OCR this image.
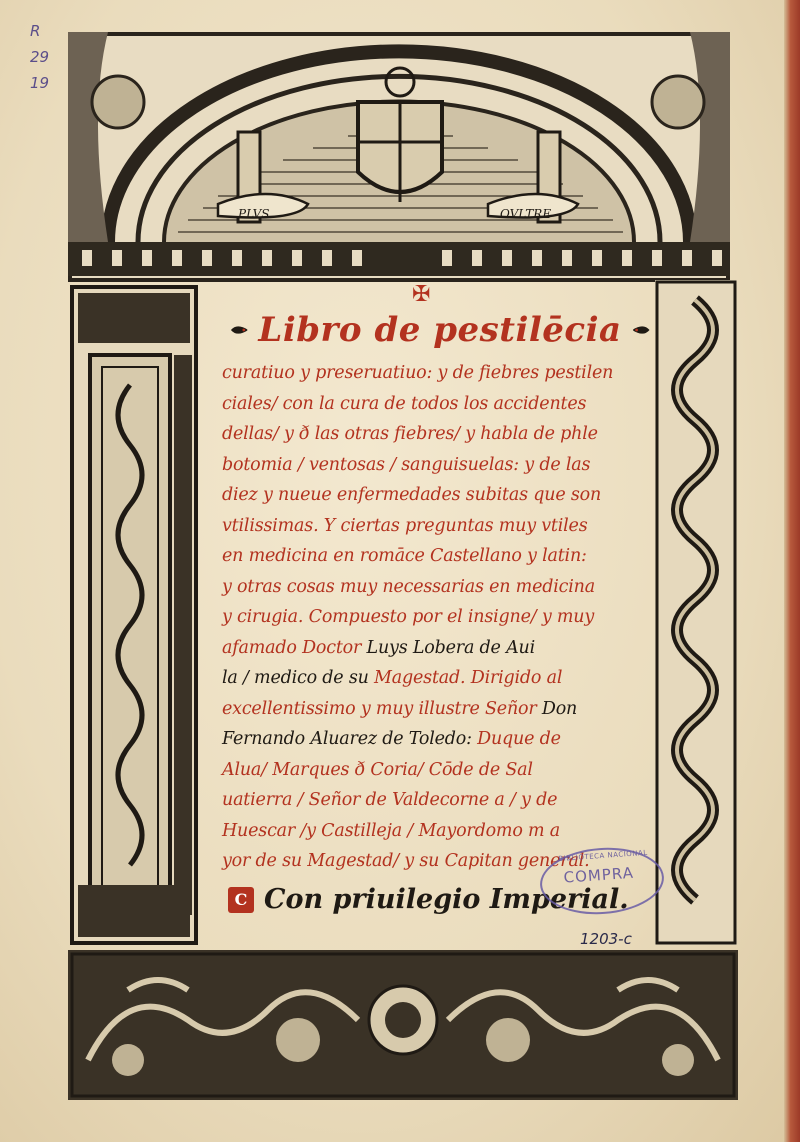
R
29
19
PLVS	OVLTRE
✠
Libro de pestilēcia
curatiuo y preseruatiuo: y de fiebres pestilen
ciales/ con la cura de todos los accidentes
dellas/ y ð las otras fiebres/ y habla de phle
botomia / ventosas / sanguisuelas: y de las
diez y nueue enfermedades subitas que son
vtilissimas. Y ciertas preguntas muy vtiles
en medicina en romāce Castellano y latin:
y otras cosas muy necessarias en medicina
y cirugia. Compuesto por el insigne/ y muy
afamado Doctor Luys Lobera de Aui
la / medico de su Magestad. Dirigido al
excellentissimo y muy illustre Señor Don
Fernando Aluarez de Toledo: Duque de
Alua/ Marques ð Coria/ Cōde de Sal
uatierra / Señor de Valdecorne a / y de
Huescar /y Castilleja / Mayordomo m a
yor de su Magestad/ y su Capitan general.
C Con priuilegio Imperial.
BIBLIOTECA NACIONAL
COMPRA
1203-c
